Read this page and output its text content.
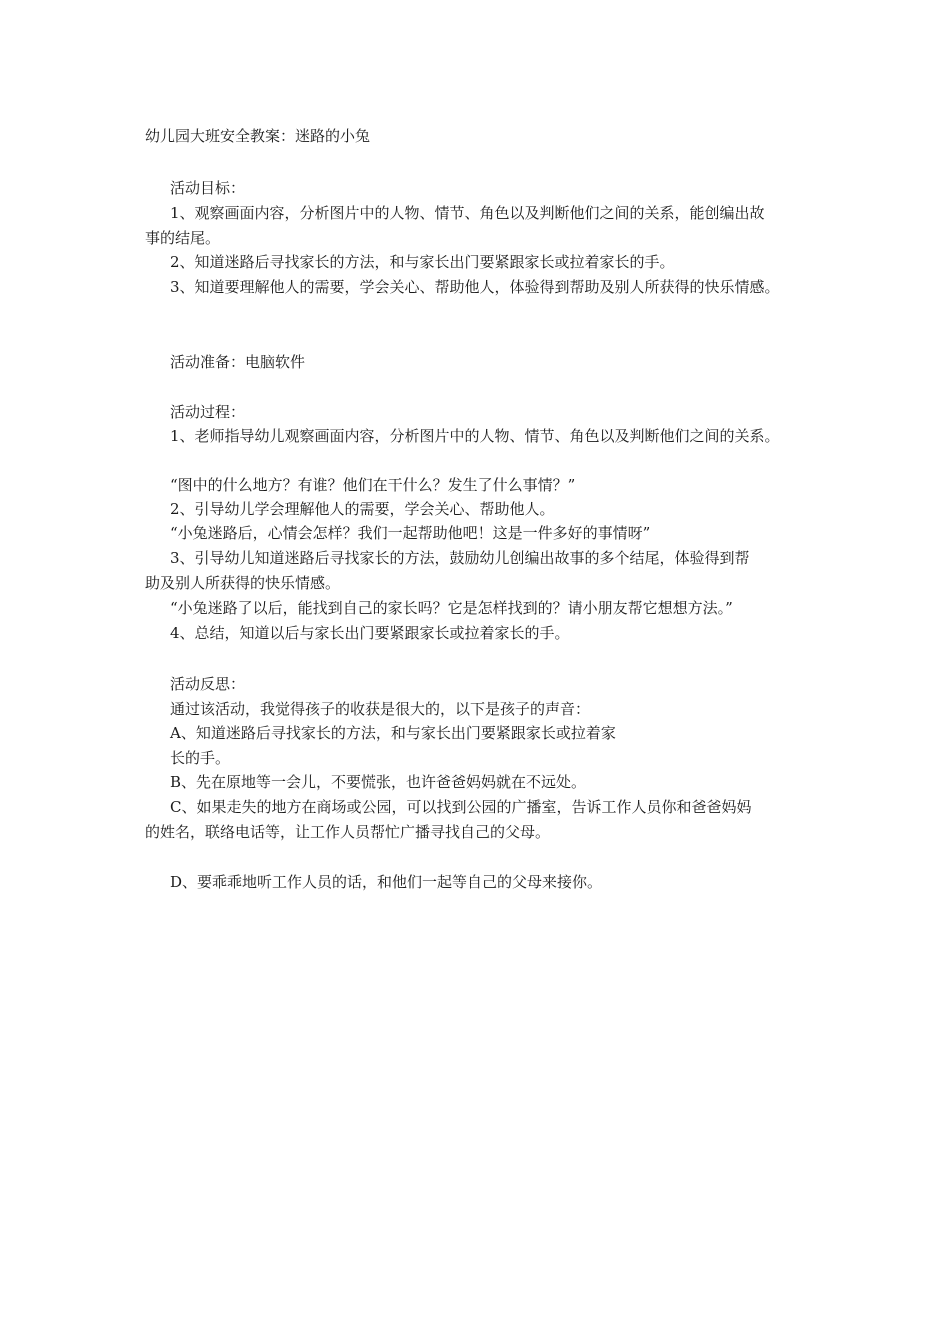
幼儿园大班安全教案：迷路的小兔
活动目标：
1、观察画面内容，分析图片中的人物、情节、角色以及判断他们之间的关系，能创编出故
事的结尾。
2、知道迷路后寻找家长的方法，和与家长出门要紧跟家长或拉着家长的手。
3、知道要理解他人的需要，学会关心、帮助他人，体验得到帮助及别人所获得的快乐情感。
活动准备：电脑软件
活动过程：
1、老师指导幼儿观察画面内容，分析图片中的人物、情节、角色以及判断他们之间的关系。
“图中的什么地方？有谁？他们在干什么？发生了什么事情？”
2、引导幼儿学会理解他人的需要，学会关心、帮助他人。
“小兔迷路后，心情会怎样？我们一起帮助他吧！这是一件多好的事情呀”
3、引导幼儿知道迷路后寻找家长的方法，鼓励幼儿创编出故事的多个结尾，体验得到帮
助及别人所获得的快乐情感。
“小兔迷路了以后，能找到自己的家长吗？它是怎样找到的？请小朋友帮它想想方法。”
4、总结，知道以后与家长出门要紧跟家长或拉着家长的手。
活动反思：
通过该活动，我觉得孩子的收获是很大的，以下是孩子的声音：
A、知道迷路后寻找家长的方法，和与家长出门要紧跟家长或拉着家
长的手。
B、先在原地等一会儿，不要慌张，也许爸爸妈妈就在不远处。
C、如果走失的地方在商场或公园，可以找到公园的广播室，告诉工作人员你和爸爸妈妈
的姓名，联络电话等，让工作人员帮忙广播寻找自己的父母。
D、要乖乖地听工作人员的话，和他们一起等自己的父母来接你。
